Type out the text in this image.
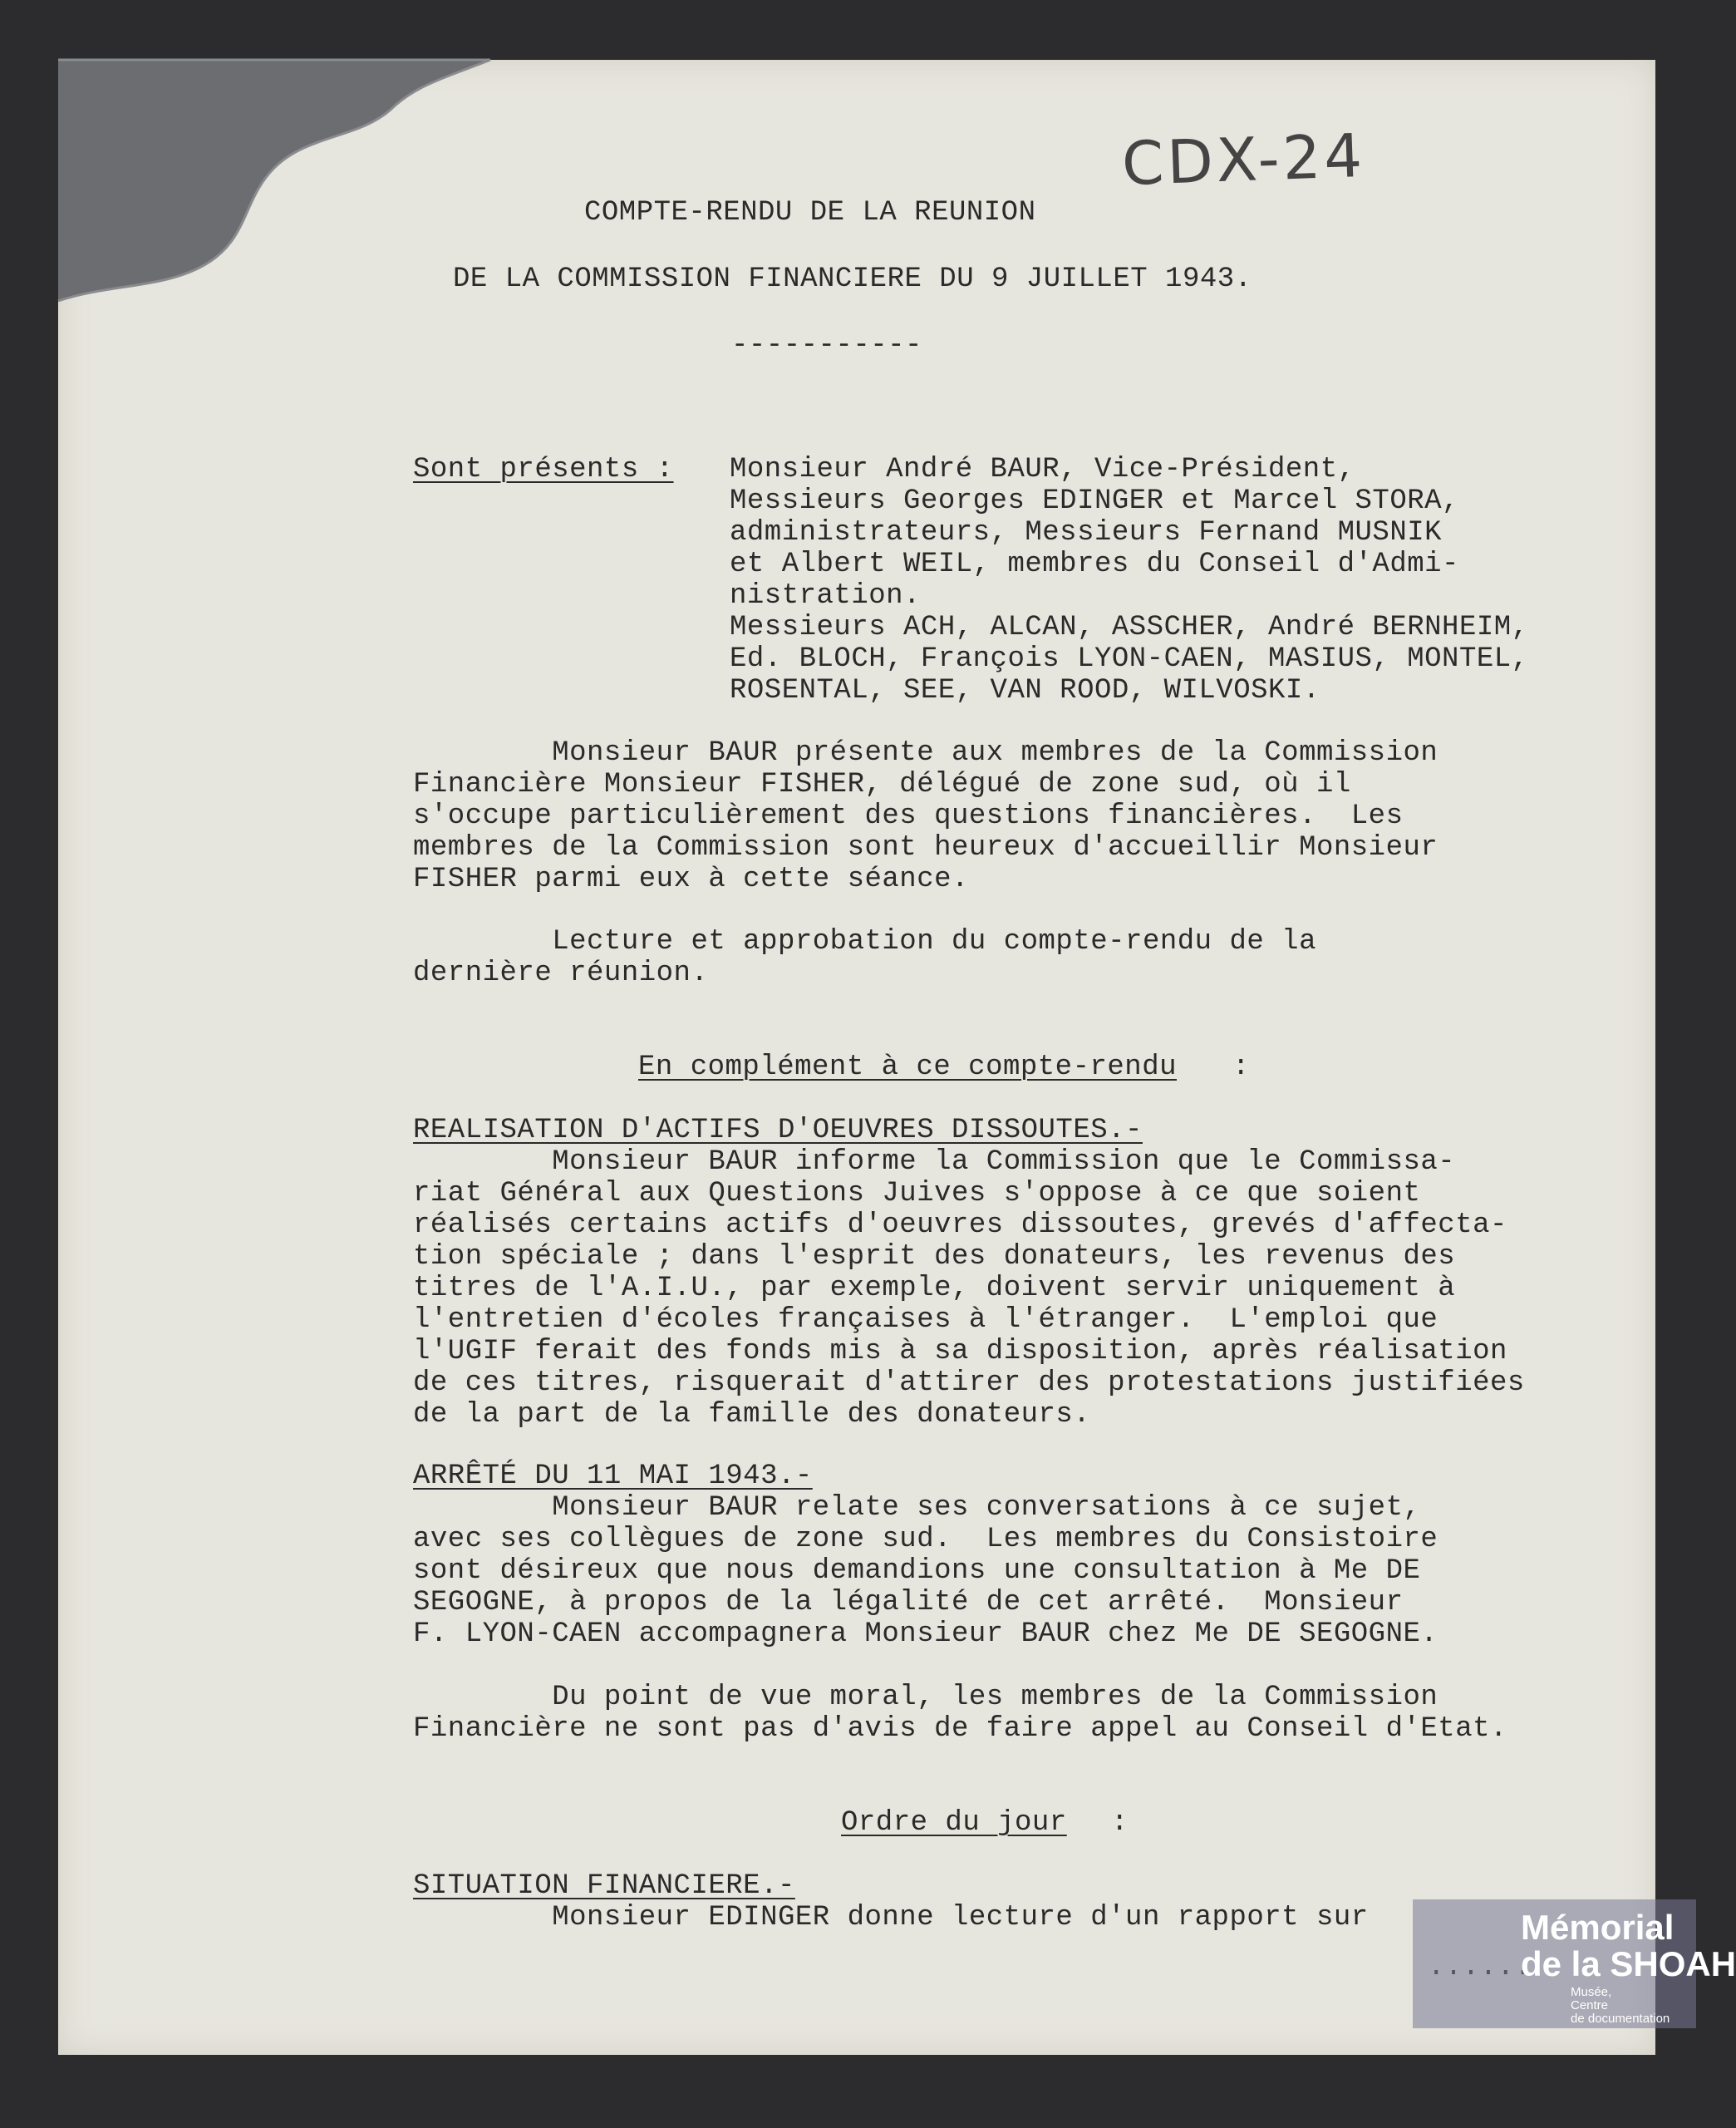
CDX-24
COMPTE-RENDU DE LA REUNION
DE LA COMMISSION FINANCIERE DU 9 JUILLET 1943.
-----------
Sont présents : Monsieur André BAUR, Vice-Président,
Messieurs Georges EDINGER et Marcel STORA,
administrateurs, Messieurs Fernand MUSNIK
et Albert WEIL, membres du Conseil d'Admi-
nistration.
Messieurs ACH, ALCAN, ASSCHER, André BERNHEIM,
Ed. BLOCH, François LYON-CAEN, MASIUS, MONTEL,
ROSENTAL, SEE, VAN ROOD, WILVOSKI.
Monsieur BAUR présente aux membres de la Commission
Financière Monsieur FISHER, délégué de zone sud, où il
s'occupe particulièrement des questions financières.  Les
membres de la Commission sont heureux d'accueillir Monsieur
FISHER parmi eux à cette séance.
Lecture et approbation du compte-rendu de la
dernière réunion.
En complément à ce compte-rendu :
REALISATION D'ACTIFS D'OEUVRES DISSOUTES.-
Monsieur BAUR informe la Commission que le Commissa-
riat Général aux Questions Juives s'oppose à ce que soient
réalisés certains actifs d'oeuvres dissoutes, grevés d'affecta-
tion spéciale ; dans l'esprit des donateurs, les revenus des
titres de l'A.I.U., par exemple, doivent servir uniquement à
l'entretien d'écoles françaises à l'étranger.  L'emploi que
l'UGIF ferait des fonds mis à sa disposition, après réalisation
de ces titres, risquerait d'attirer des protestations justifiées
de la part de la famille des donateurs.
ARRÊTÉ DU 11 MAI 1943.-
Monsieur BAUR relate ses conversations à ce sujet,
avec ses collègues de zone sud.  Les membres du Consistoire
sont désireux que nous demandions une consultation à Me DE
SEGOGNE, à propos de la légalité de cet arrêté.  Monsieur
F. LYON-CAEN accompagnera Monsieur BAUR chez Me DE SEGOGNE.
Du point de vue moral, les membres de la Commission
Financière ne sont pas d'avis de faire appel au Conseil d'Etat.
Ordre du jour :
SITUATION FINANCIERE.-
Monsieur EDINGER donne lecture d'un rapport sur	Mémorial
de la SHOAH
Musée,
Centre
de documentation
